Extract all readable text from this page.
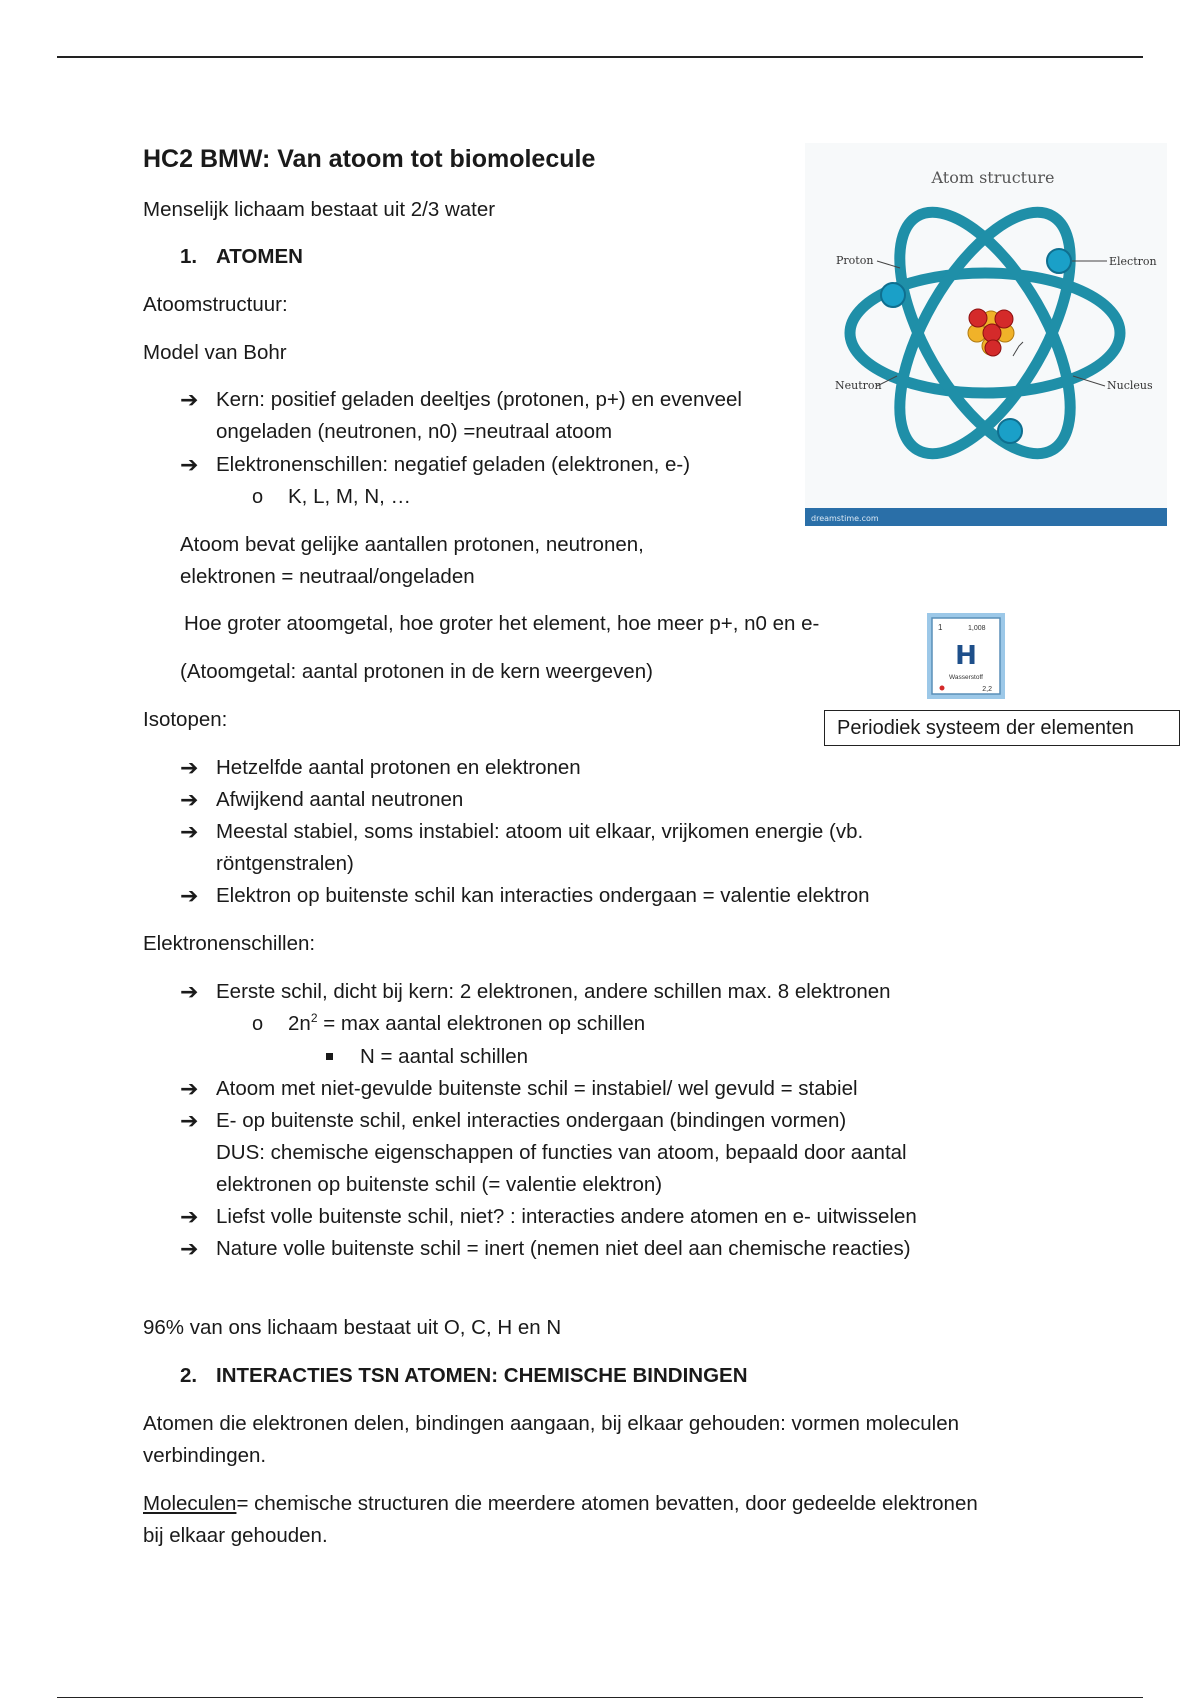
HC2 BMW: Van atoom tot biomolecule
Menselijk lichaam bestaat uit 2/3 water
1. ATOMEN
Atoomstructuur:
Model van Bohr
➔ Kern: positief geladen deeltjes (protonen, p+) en evenveel
ongeladen (neutronen, n0) =neutraal atoom
➔ Elektronenschillen: negatief geladen (elektronen, e-)
o K, L, M, N, …
Atoom bevat gelijke aantallen protonen, neutronen,
elektronen = neutraal/ongeladen
Hoe groter atoomgetal, hoe groter het element, hoe meer p+, n0 en e-
(Atoomgetal: aantal protonen in de kern weergeven)
Isotopen:
➔ Hetzelfde aantal protonen en elektronen
➔ Afwijkend aantal neutronen
➔ Meestal stabiel, soms instabiel: atoom uit elkaar, vrijkomen energie (vb.
röntgenstralen)
➔ Elektron op buitenste schil kan interacties ondergaan = valentie elektron
Elektronenschillen:
➔ Eerste schil, dicht bij kern: 2 elektronen, andere schillen max. 8 elektronen
o $2n^2 = \max$ aantal elektronen op schillen
N = aantal schillen
➔ Atoom met niet-gevulde buitenste schil = instabiel/ wel gevuld = stabiel
➔ E- op buitenste schil, enkel interacties ondergaan (bindingen vormen)
DUS: chemische eigenschappen of functies van atoom, bepaald door aantal
elektronen op buitenste schil (= valentie elektron)
➔ Liefst volle buitenste schil, niet? : interacties andere atomen en e- uitwisselen
➔ Nature volle buitenste schil = inert (nemen niet deel aan chemische reacties)
96% van ons lichaam bestaat uit O, C, H en N
2. INTERACTIES TSN ATOMEN: CHEMISCHE BINDINGEN
Atomen die elektronen delen, bindingen aangaan, bij elkaar gehouden: vormen moleculen
verbindingen.
Moleculen= chemische structuren die meerdere atomen bevatten, door gedeelde elektronen
bij elkaar gehouden.
Atom structure
Proton	Electron
Neutron	Nucleus
dreamstime.com
1	1,008
H
Wasserstoff
2,2
Periodiek systeem der elementen
